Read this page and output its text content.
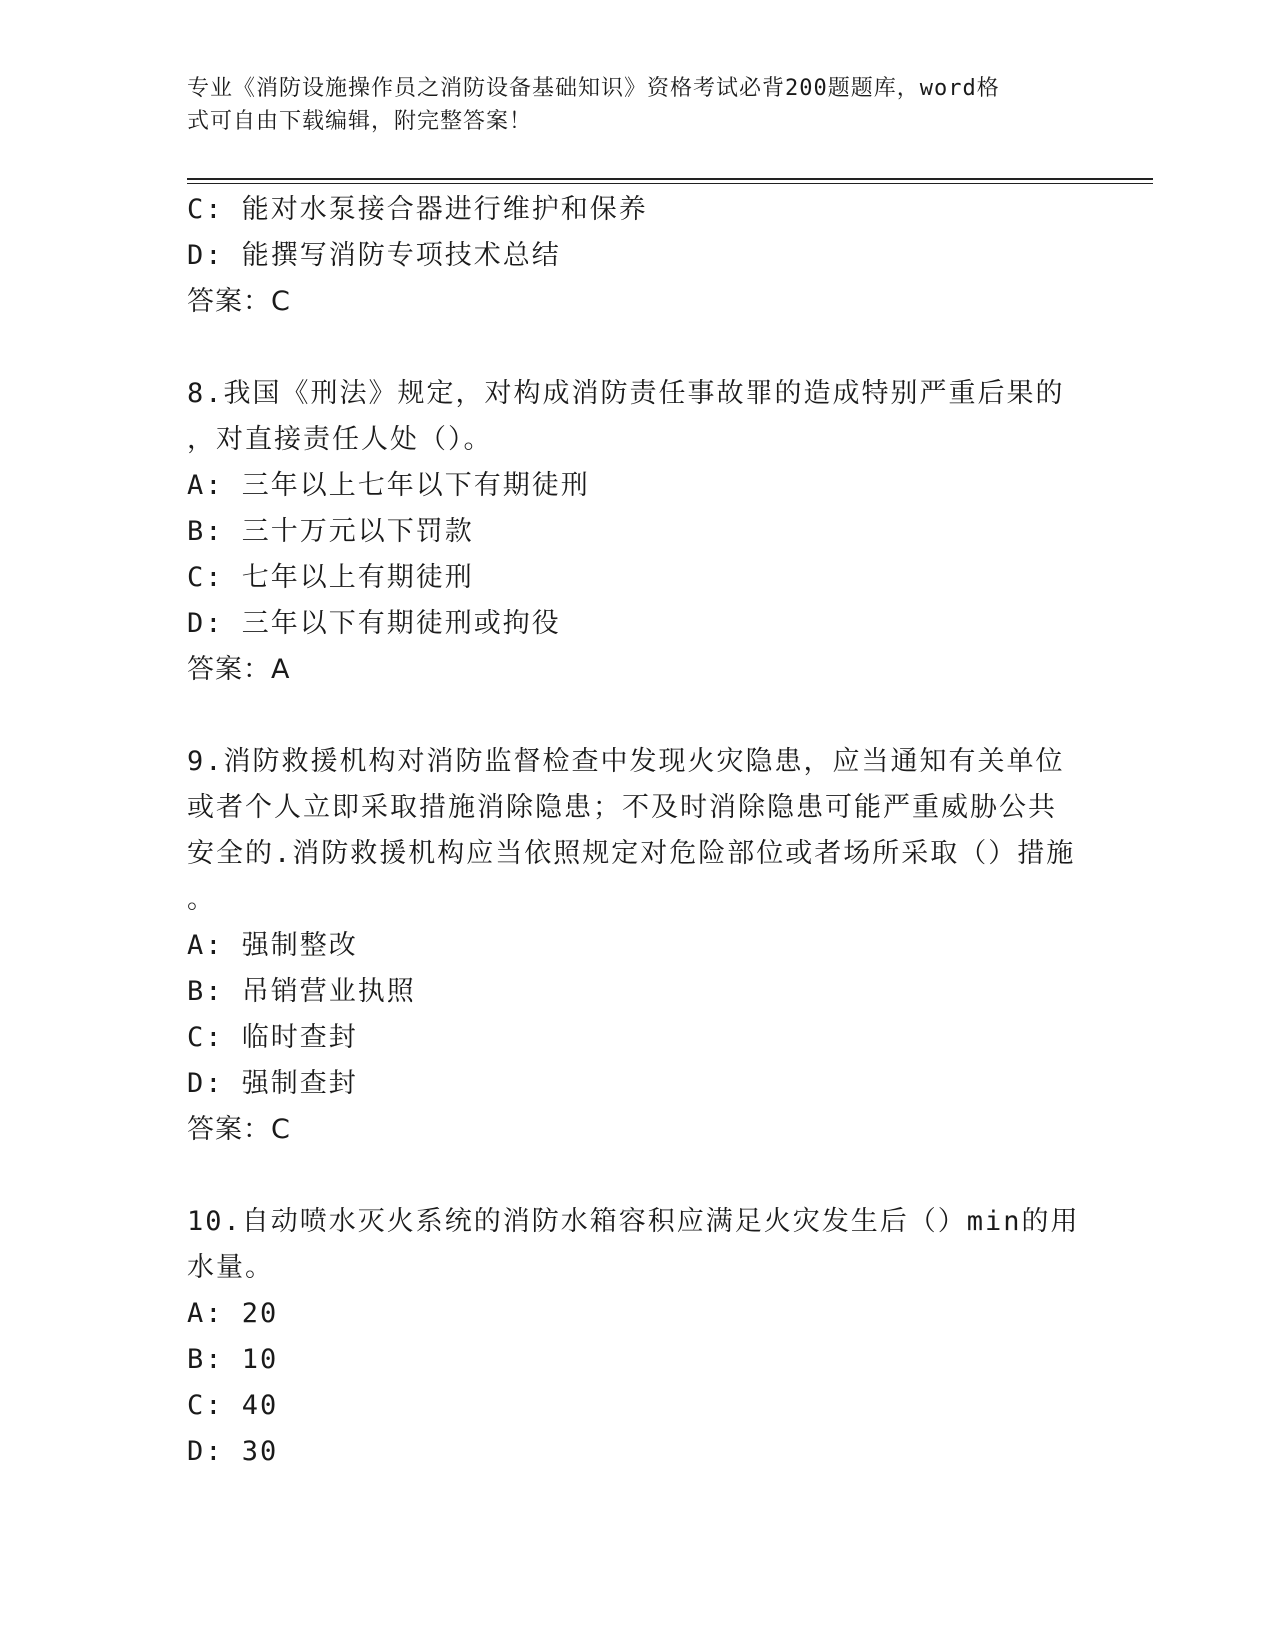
专业《消防设施操作员之消防设备基础知识》资格考试必背200题题库，word格
式可自由下载编辑，附完整答案！
C: 能对水泵接合器进行维护和保养
D: 能撰写消防专项技术总结
答案：C
8.我国《刑法》规定，对构成消防责任事故罪的造成特别严重后果的
，对直接责任人处（）。
A: 三年以上七年以下有期徒刑
B: 三十万元以下罚款
C: 七年以上有期徒刑
D: 三年以下有期徒刑或拘役
答案：A
9.消防救援机构对消防监督检查中发现火灾隐患，应当通知有关单位
或者个人立即采取措施消除隐患；不及时消除隐患可能严重威胁公共
安全的.消防救援机构应当依照规定对危险部位或者场所采取（）措施
。
A: 强制整改
B: 吊销营业执照
C: 临时查封
D: 强制查封
答案：C
10.自动喷水灭火系统的消防水箱容积应满足火灾发生后（）min的用
水量。
A: 20
B: 10
C: 40
D: 30
